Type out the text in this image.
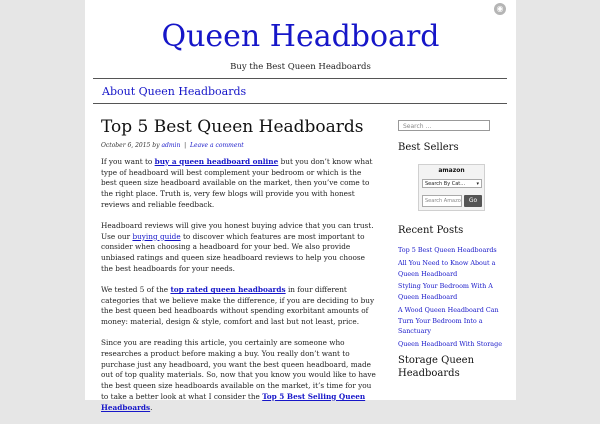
◉
Queen Headboard
Buy the Best Queen Headboards
About Queen Headboards
Top 5 Best Queen Headboards
October 6, 2015 by admin | Leave a comment

If you want to buy a queen headboard online but you don’t know what type of headboard will best complement your bedroom or which is the best queen size headboard available on the market, then you’ve come to the right place. Truth is, very few blogs will provide you with honest reviews and reliable feedback.

Headboard reviews will give you honest buying advice that you can trust. Use our buying guide to discover which features are most important to consider when choosing a headboard for your bed. We also provide unbiased ratings and queen size headboard reviews to help you choose the best headboards for your needs.

We tested 5 of the top rated queen headboards in four different categories that we believe make the difference, if you are deciding to buy the best queen bed headboards without spending exorbitant amounts of money: material, design & style, comfort and last but not least, price.

Since you are reading this article, you certainly are someone who researches a product before making a buy. You really don’t want to purchase just any headboard, you want the best queen headboard, made out of top quality materials. So, now that you know you would like to have the best queen size headboards available on the market, it’s time for you to take a better look at what I consider the Top 5 Best Selling Queen Headboards.

Search ...
Best Sellers
amazon
Search By Cat... ▾
Search Amazo	Go
Recent Posts
Top 5 Best Queen Headboards
All You Need to Know About a Queen Headboard
Styling Your Bedroom With A Queen Headboard
A Wood Queen Headboard Can Turn Your Bedroom Into a Sanctuary
Queen Headboard With Storage
Storage Queen Headboards
